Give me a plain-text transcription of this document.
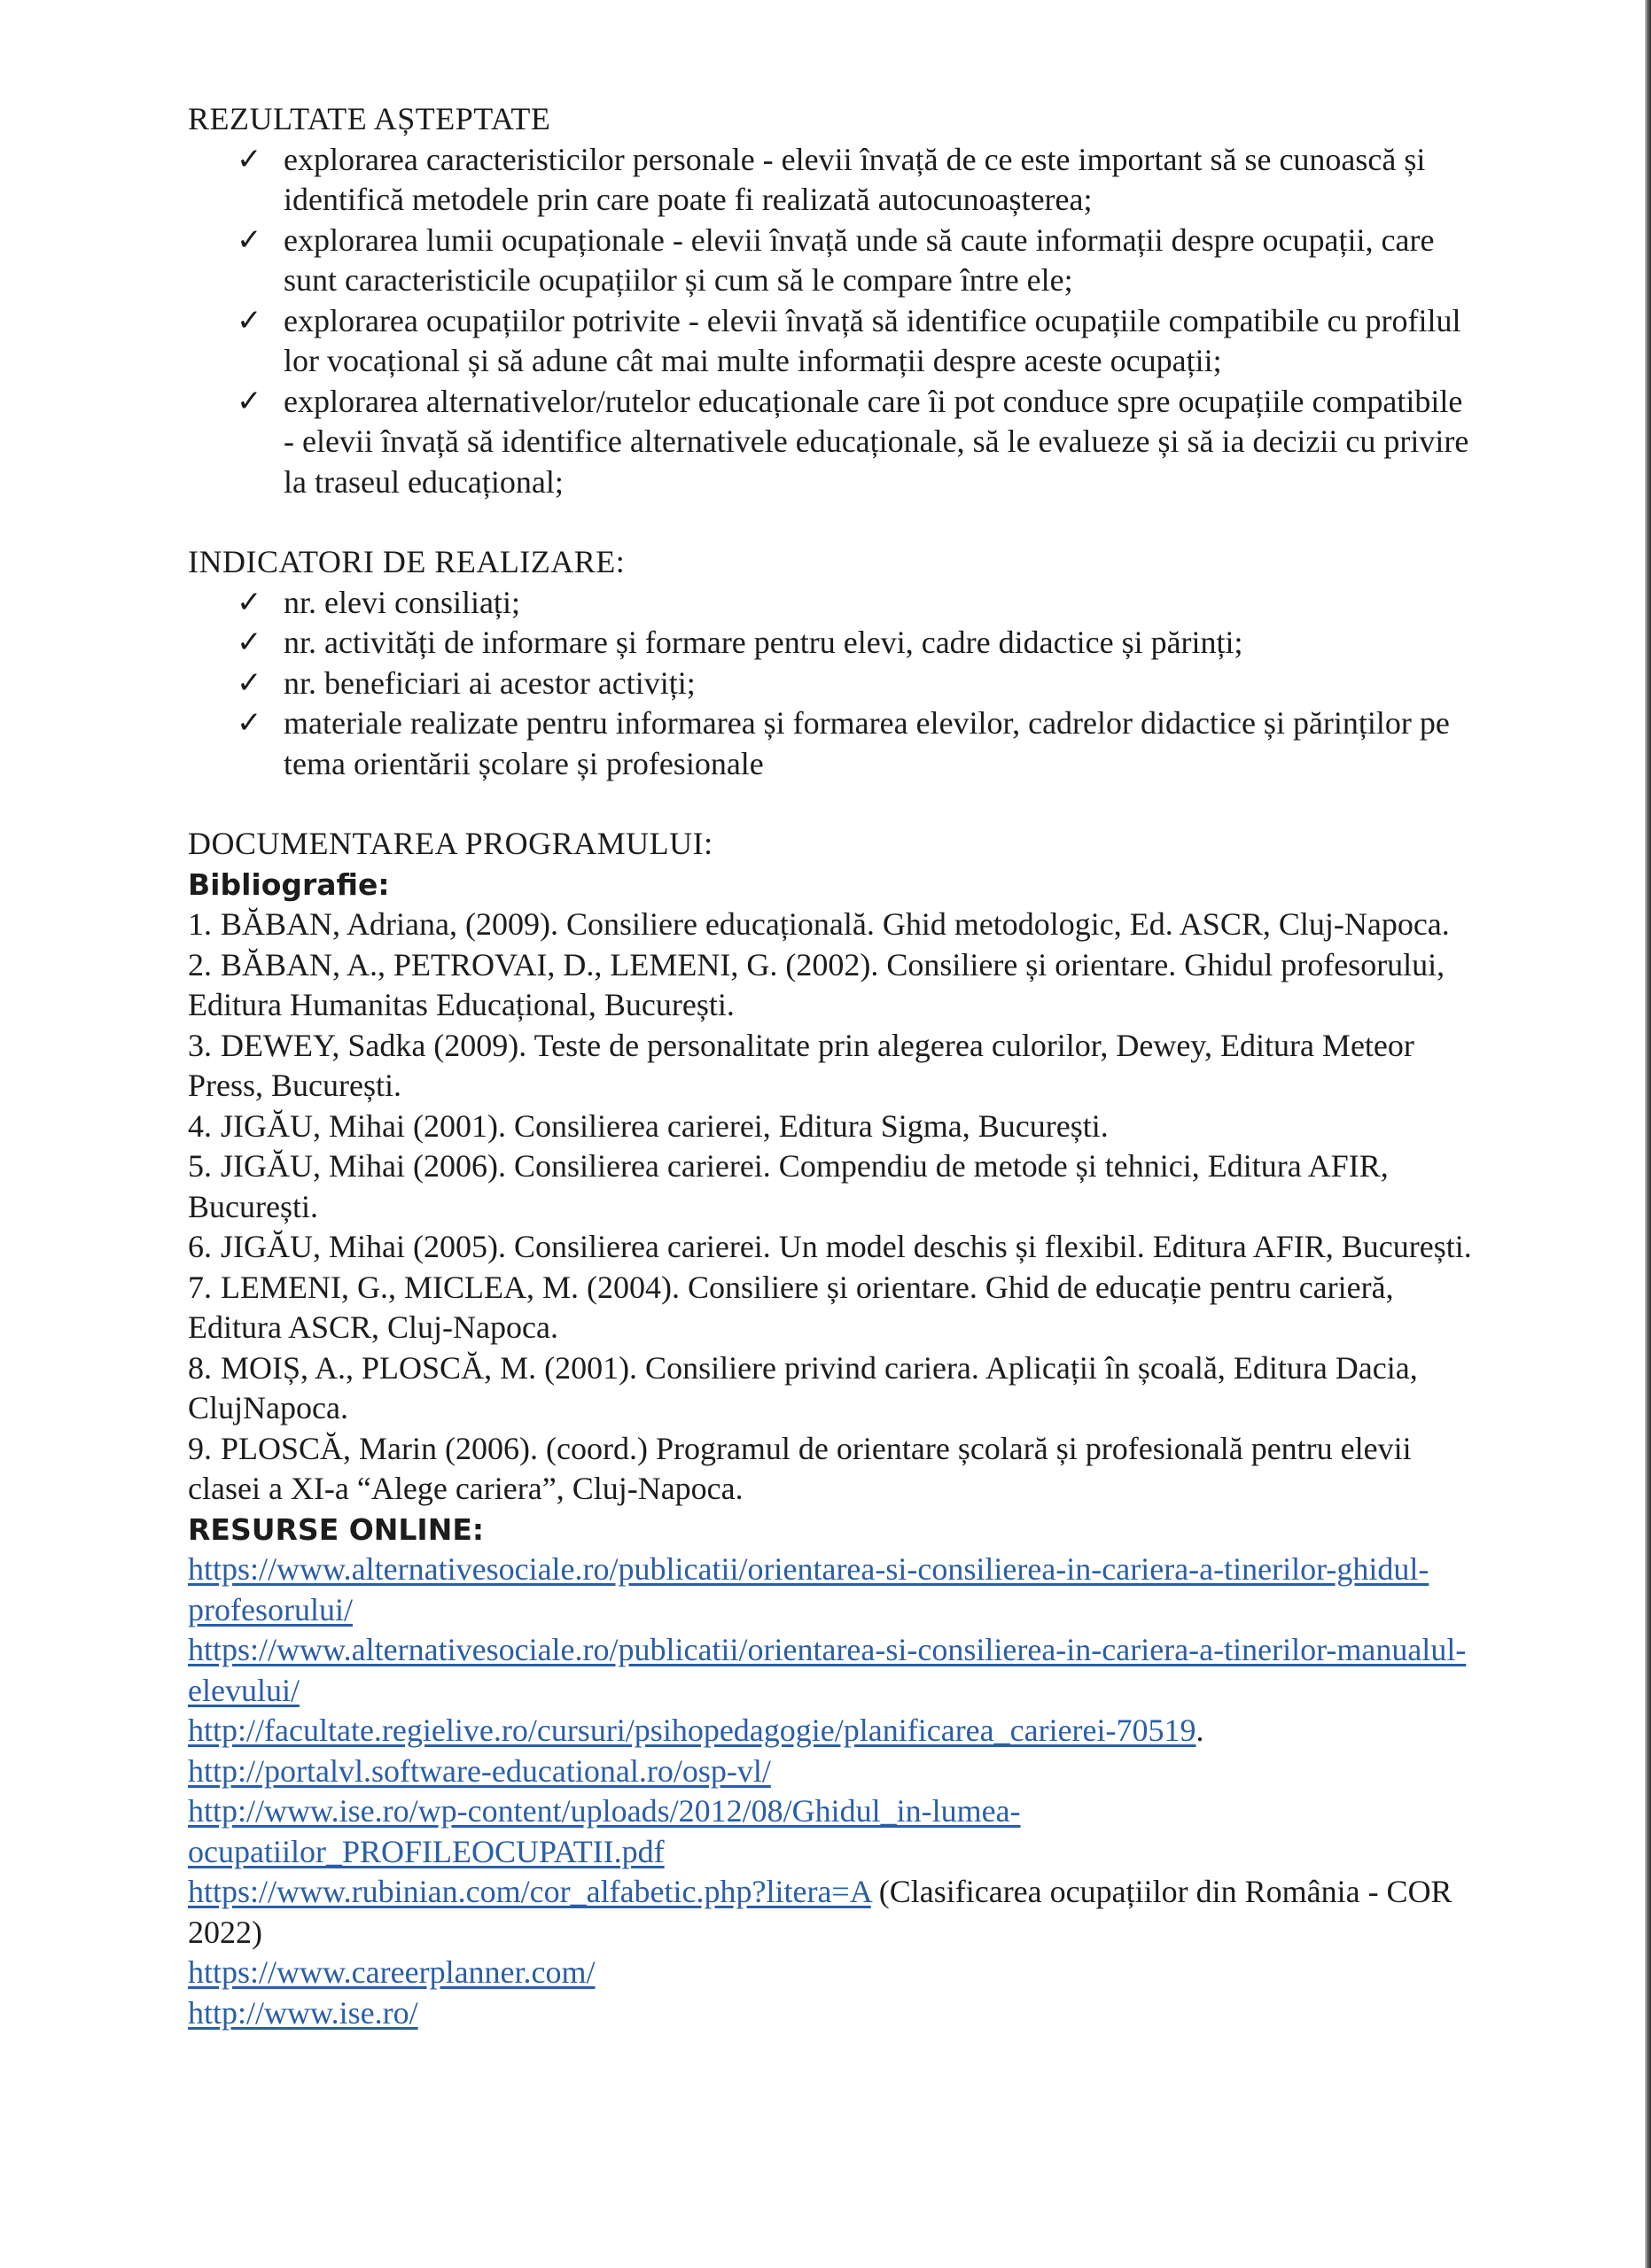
REZULTATE AȘTEPTATE
✓ explorarea caracteristicilor personale - elevii învață de ce este important să se cunoască și identifică metodele prin care poate fi realizată autocunoașterea;
✓ explorarea lumii ocupaționale - elevii învață unde să caute informații despre ocupații, care sunt caracteristicile ocupațiilor și cum să le compare între ele;
✓ explorarea ocupațiilor potrivite - elevii învață să identifice ocupațiile compatibile cu profilul lor vocațional și să adune cât mai multe informații despre aceste ocupații;
✓ explorarea alternativelor/rutelor educaționale care îi pot conduce spre ocupațiile compatibile - elevii învață să identifice alternativele educaționale, să le evalueze și să ia decizii cu privire la traseul educațional;
INDICATORI DE REALIZARE:
✓ nr. elevi consiliați;
✓ nr. activități de informare și formare pentru elevi, cadre didactice și părinți;
✓ nr. beneficiari ai acestor activiți;
✓ materiale realizate pentru informarea și formarea elevilor, cadrelor didactice și părinților pe tema orientării școlare și profesionale
DOCUMENTAREA PROGRAMULUI:
Bibliografie:
1. BĂBAN, Adriana, (2009). Consiliere educațională. Ghid metodologic, Ed. ASCR, Cluj-Napoca.
2. BĂBAN, A., PETROVAI, D., LEMENI, G. (2002). Consiliere și orientare. Ghidul profesorului, Editura Humanitas Educațional, București.
3. DEWEY, Sadka (2009). Teste de personalitate prin alegerea culorilor, Dewey, Editura Meteor Press, București.
4. JIGĂU, Mihai (2001). Consilierea carierei, Editura Sigma, București.
5. JIGĂU, Mihai (2006). Consilierea carierei. Compendiu de metode și tehnici, Editura AFIR, București.
6. JIGĂU, Mihai (2005). Consilierea carierei. Un model deschis și flexibil. Editura AFIR, București.
7. LEMENI, G., MICLEA, M. (2004). Consiliere și orientare. Ghid de educație pentru carieră, Editura ASCR, Cluj-Napoca.
8. MOIȘ, A., PLOSCĂ, M. (2001). Consiliere privind cariera. Aplicații în școală, Editura Dacia, ClujNapoca.
9. PLOSCĂ, Marin (2006). (coord.) Programul de orientare școlară și profesională pentru elevii clasei a XI-a “Alege cariera”, Cluj-Napoca.
RESURSE ONLINE:
https://www.alternativesociale.ro/publicatii/orientarea-si-consilierea-in-cariera-a-tinerilor-ghidul-profesorului/
https://www.alternativesociale.ro/publicatii/orientarea-si-consilierea-in-cariera-a-tinerilor-manualul-elevului/
http://facultate.regielive.ro/cursuri/psihopedagogie/planificarea_carierei-70519.
http://portalvl.software-educational.ro/osp-vl/
http://www.ise.ro/wp-content/uploads/2012/08/Ghidul_in-lumea-ocupatiilor_PROFILEOCUPATII.pdf
https://www.rubinian.com/cor_alfabetic.php?litera=A (Clasificarea ocupațiilor din România - COR 2022)
https://www.careerplanner.com/
http://www.ise.ro/
